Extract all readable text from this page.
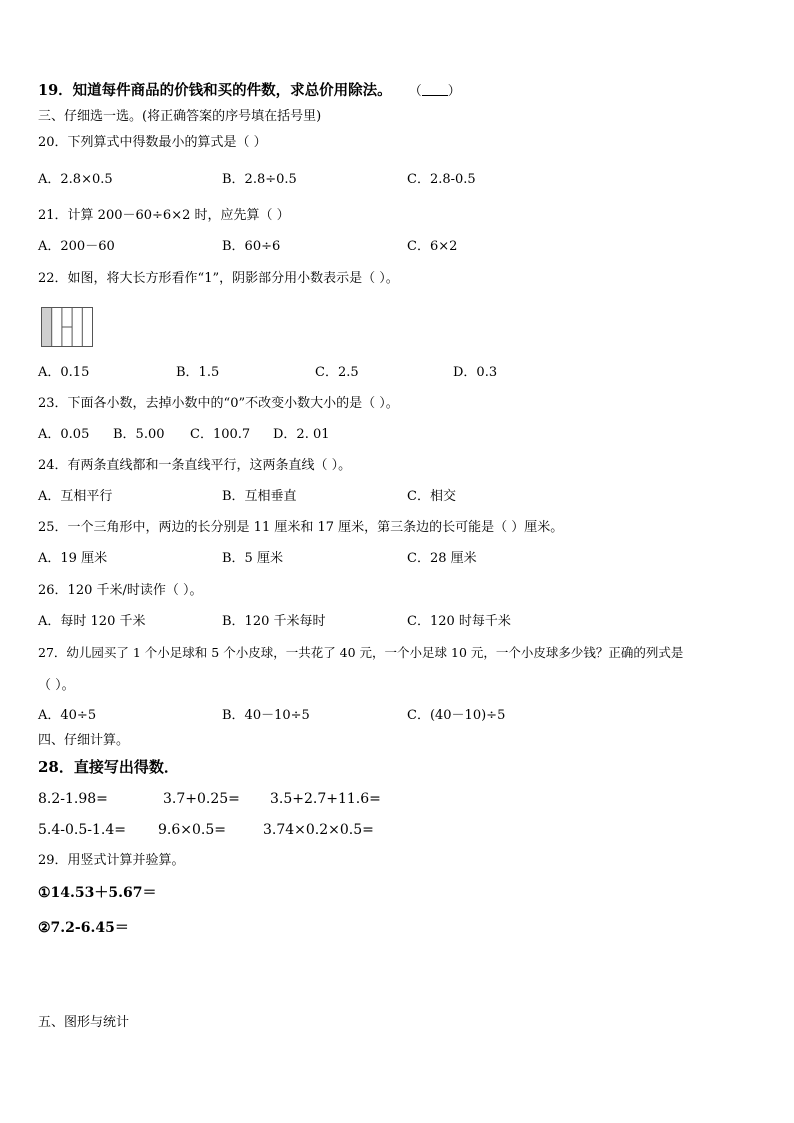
19．知道每件商品的价钱和买的件数，求总价用除法。 （ ）
三、仔细选一选。(将正确答案的序号填在括号里)
20．下列算式中得数最小的算式是（ ）
A．2.8×0.5	B．2.8÷0.5	C．2.8-0.5
21．计算 200－60÷6×2 时，应先算（ ）
A．200－60	B．60÷6	C．6×2
22．如图，将大长方形看作“1”，阴影部分用小数表示是（ ）。
A．0.15	B．1.5	C．2.5	D．0.3
23．下面各小数，去掉小数中的“0”不改变小数大小的是（ ）。
A．0.05 B．5.00 C．100.7 D．2. 01
24．有两条直线都和一条直线平行，这两条直线（ ）。
A．互相平行	B．互相垂直	C．相交
25．一个三角形中，两边的长分别是 11 厘米和 17 厘米，第三条边的长可能是（ ）厘米。
A．19 厘米	B．5 厘米	C．28 厘米
26．120 千米/时读作（ ）。
A．每时 120 千米	B．120 千米每时	C．120 时每千米
27．幼儿园买了 1 个小足球和 5 个小皮球，一共花了 40 元，一个小足球 10 元，一个小皮球多少钱？正确的列式是
（ ）。
A．40÷5	B．40－10÷5	C．(40－10)÷5
四、仔细计算。
28．直接写出得数．
8.2-1.98=	3.7+0.25= 3.5+2.7+11.6=
5.4-0.5-1.4= 9.6×0.5=	3.74×0.2×0.5=
29．用竖式计算并验算。
①14.53＋5.67＝
②7.2-6.45＝
五、图形与统计
